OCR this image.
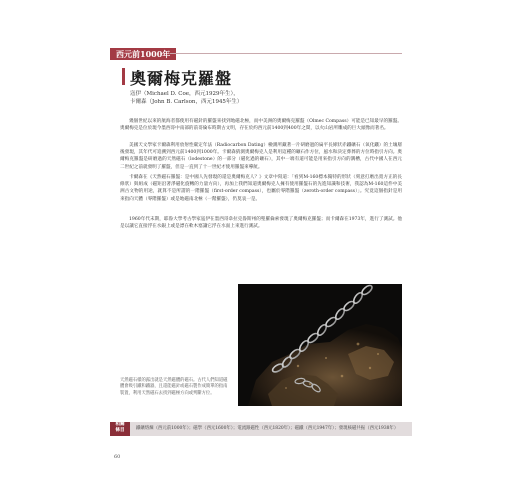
西元前1000年
奧爾梅克羅盤
寇伊（Michael D. Coe，西元1929年生），
卡爾森（John B. Carlson，西元1945年生）
幾個世紀以來的航海者都使用有磁針的羅盤來找到地磁北極，而中美洲的奧爾梅克羅盤（Olmec Compass）可能是已知最早的羅盤。奧爾梅克是位於現今墨西哥中南部的前哥倫布時期古文明，存在於約西元前1400到400年之間，以火山岩所雕成的巨大頭像而著名。
美國天文學家卡爾森利用放射性碳定年法（Radiocarbon Dating）檢測所藏著一片研磨過的扁平長條狀赤鐵礦石（氧化鐵）的土壤層後發現，其年代可追溯到西元前1400到1000年。卡爾森猜測奧爾梅克人是利用這種的礦石作方位，風水和決定葬葬的方位時指引方向。奧爾梅克羅盤是研磨過的天然磁石（lodestone）的一部分（磁化過的礦石），其中一端有道可能是用來指引方向的溝槽，古代中國人在西元二世紀之前就發明了羅盤，但是一直到了十一世紀才使用羅盤來導航。
卡爾森在《天然磁石羅盤：是中國人先發現的還是奧爾梅克人？》文章中寫道：「看到M-160標本獨特的形狀（刻意打磨出寬方正的長條狀）與組成（磁矩沿著淨磁化旋轉的力量方向），再加上我們知道奧爾梅克人擁有使用羅盤石的先進知識和技術，我認為M-160這件中美洲古文物的用途，就算不是所謂的一階羅盤（first-order compass），也屬於零階羅盤（zeroth-order compass）」。究竟這個指針是用來指向天體（零階羅盤）或是地磁南北極（一階羅盤），仍莫衷一是。
1960年代末期，耶魯大學考古學家寇伊在墨西哥韋拉克魯斯州的聖羅倫索發現了奧爾梅克羅盤；而卡爾森在1973年，進行了測試。他是以讓它直接浮在水銀上或是漂在軟木塞讓它浮在水面上來進行測試。
天然磁石樣的露出就是天然磁體的磁石。古代人們知道磁體會吸引鐵和鐵器，且還能磁針或磁石製作成簡單的指南裝置，利用天然磁石去找到磁極方向或判斷方位。
相關
條目	鐵礦熔煉（西元前1000年）；磁學（西元1600年）；電流跟磁性（西元1820年）；磁鐵（西元1947年）；發現核磁共振（西元1938年）
60
